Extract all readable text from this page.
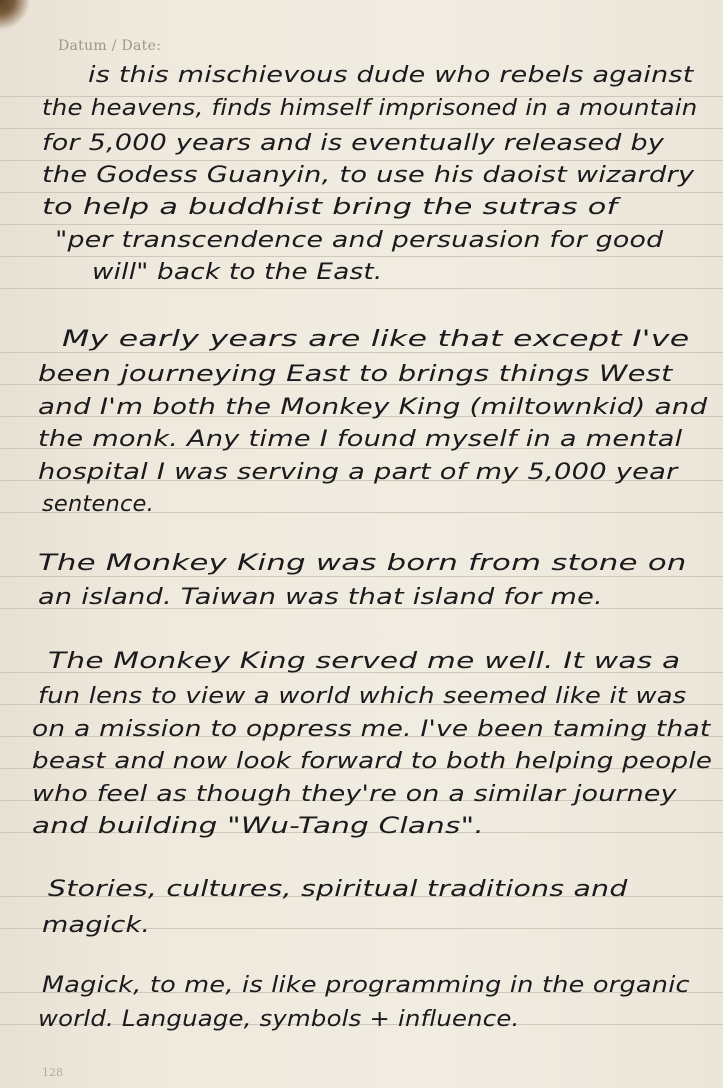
Datum / Date:
is this mischievous dude who rebels against
the heavens, finds himself imprisoned in a mountain
for 5,000 years and is eventually released by
the Godess Guanyin, to use his daoist wizardry
to help a buddhist bring the sutras of
"per transcendence and persuasion for good
will" back to the East.
My early years are like that except I've
been journeying East to brings things West
and I'm both the Monkey King (miltownkid) and
the monk. Any time I found myself in a mental
hospital I was serving a part of my 5,000 year
sentence.
The Monkey King was born from stone on
an island. Taiwan was that island for me.
The Monkey King served me well. It was a
fun lens to view a world which seemed like it was
on a mission to oppress me. I've been taming that
beast and now look forward to both helping people
who feel as though they're on a similar journey
and building "Wu-Tang Clans".
Stories, cultures, spiritual traditions and
magick.
Magick, to me, is like programming in the organic
world. Language, symbols + influence.
128
